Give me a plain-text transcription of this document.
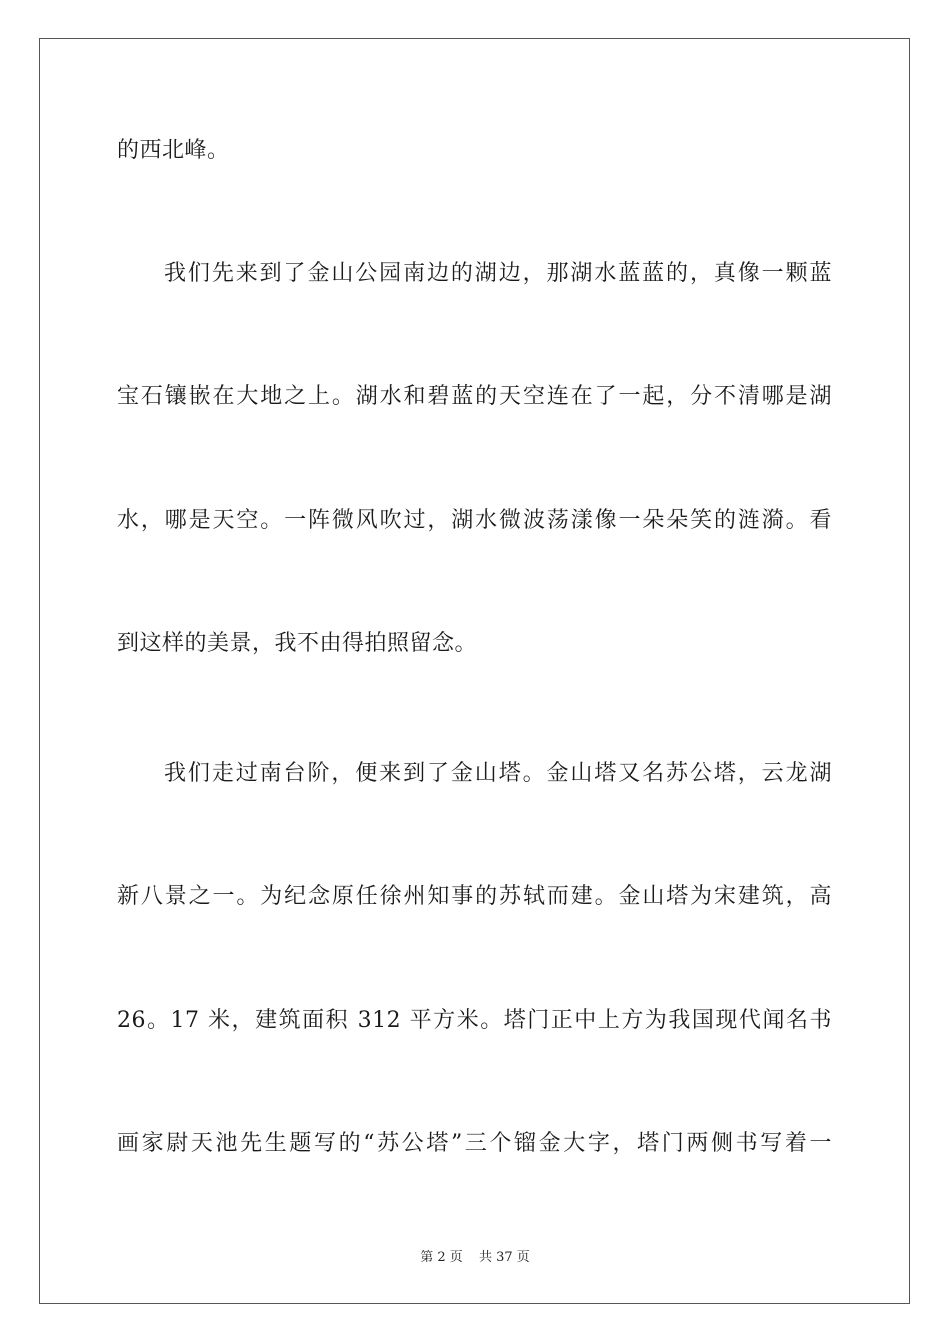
的西北峰。
我们先来到了金山公园南边的湖边，那湖水蓝蓝的，真像一颗蓝
宝石镶嵌在大地之上。湖水和碧蓝的天空连在了一起，分不清哪是湖
水，哪是天空。一阵微风吹过，湖水微波荡漾像一朵朵笑的涟漪。看
到这样的美景，我不由得拍照留念。
我们走过南台阶，便来到了金山塔。金山塔又名苏公塔，云龙湖
新八景之一。为纪念原任徐州知事的苏轼而建。金山塔为宋建筑，高
26。17 米，建筑面积 312 平方米。塔门正中上方为我国现代闻名书
画家尉天池先生题写的“苏公塔”三个镏金大字，塔门两侧书写着一
第 2 页 共 37 页
